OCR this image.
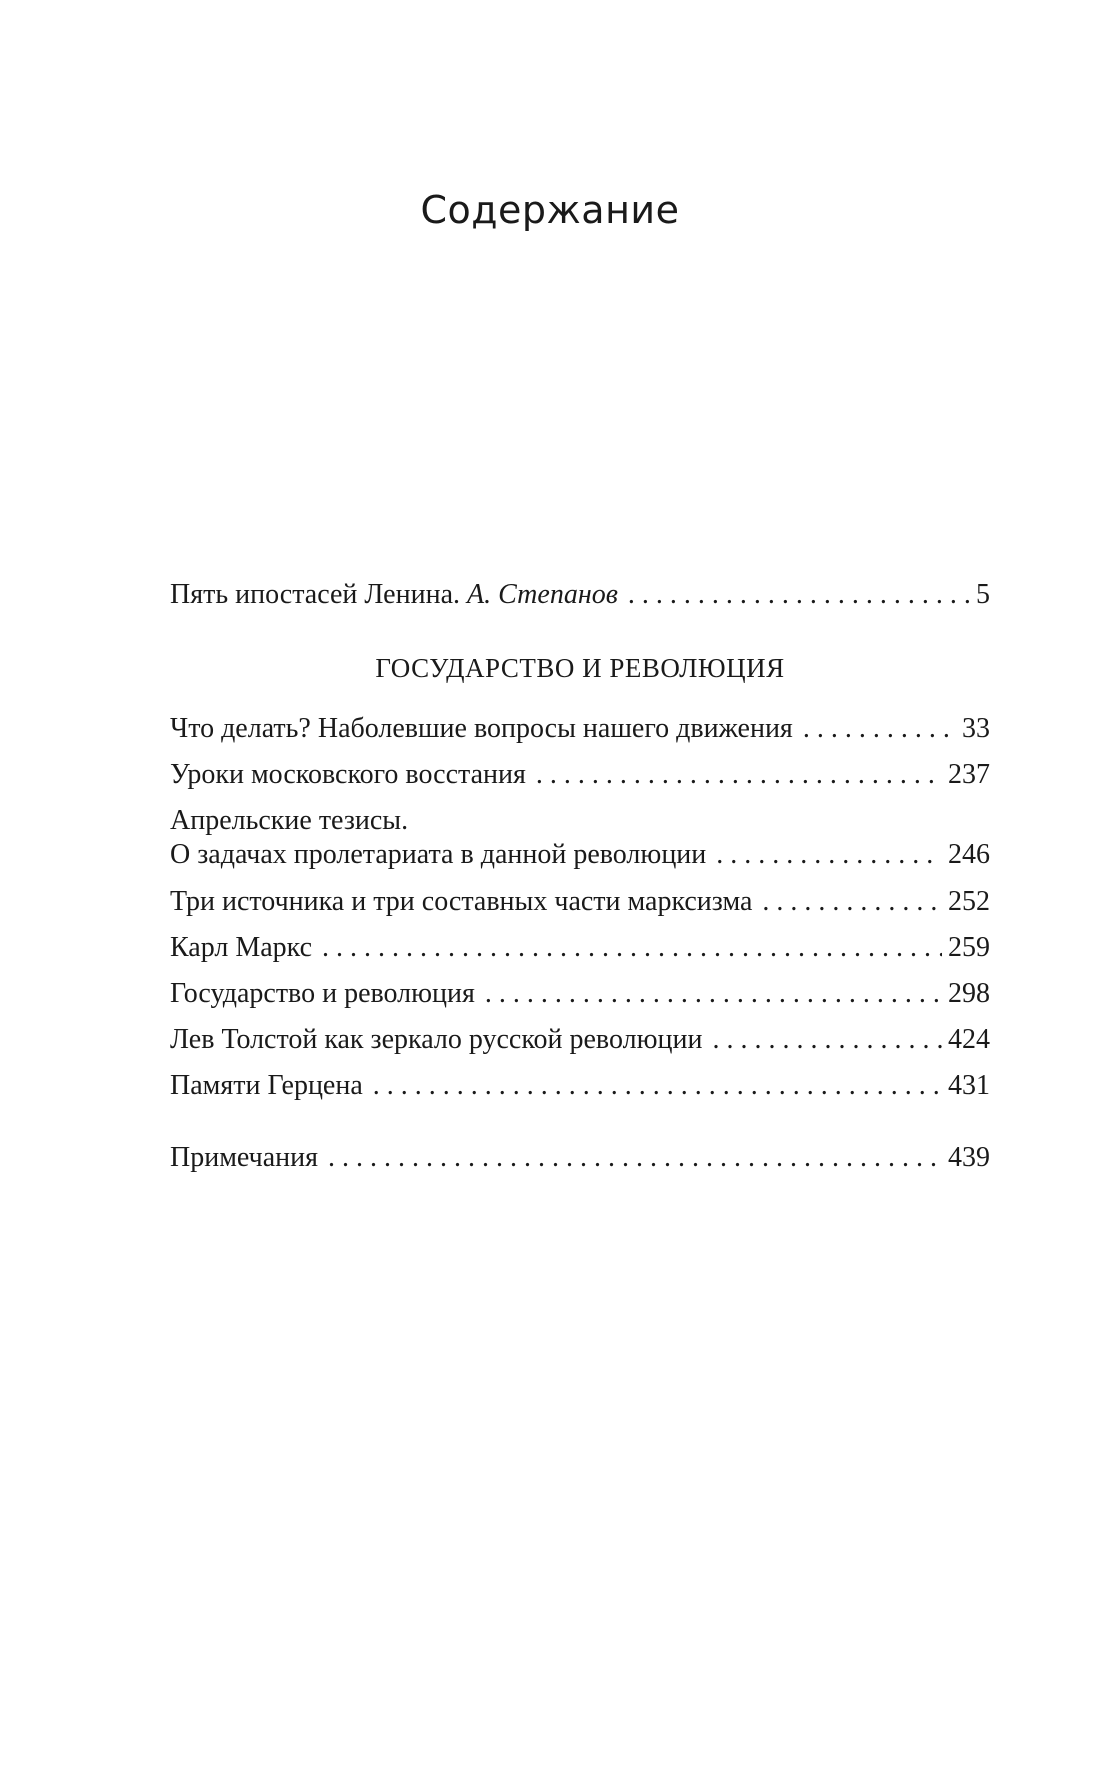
Содержание
Пять ипостасей Ленина. А. Степанов . . .	5
ГОСУДАРСТВО И РЕВОЛЮЦИЯ
Что делать? Наболевшие вопросы нашего движения . . .	33
Уроки московского восстания . . .	237
Апрельские тезисы.
О задачах пролетариата в данной революции . . .	246
Три источника и три составных части марксизма . . .	252
Карл Маркс . . .	259
Государство и революция . . .	298
Лев Толстой как зеркало русской революции . . .	424
Памяти Герцена . . .	431
Примечания . . .	439
